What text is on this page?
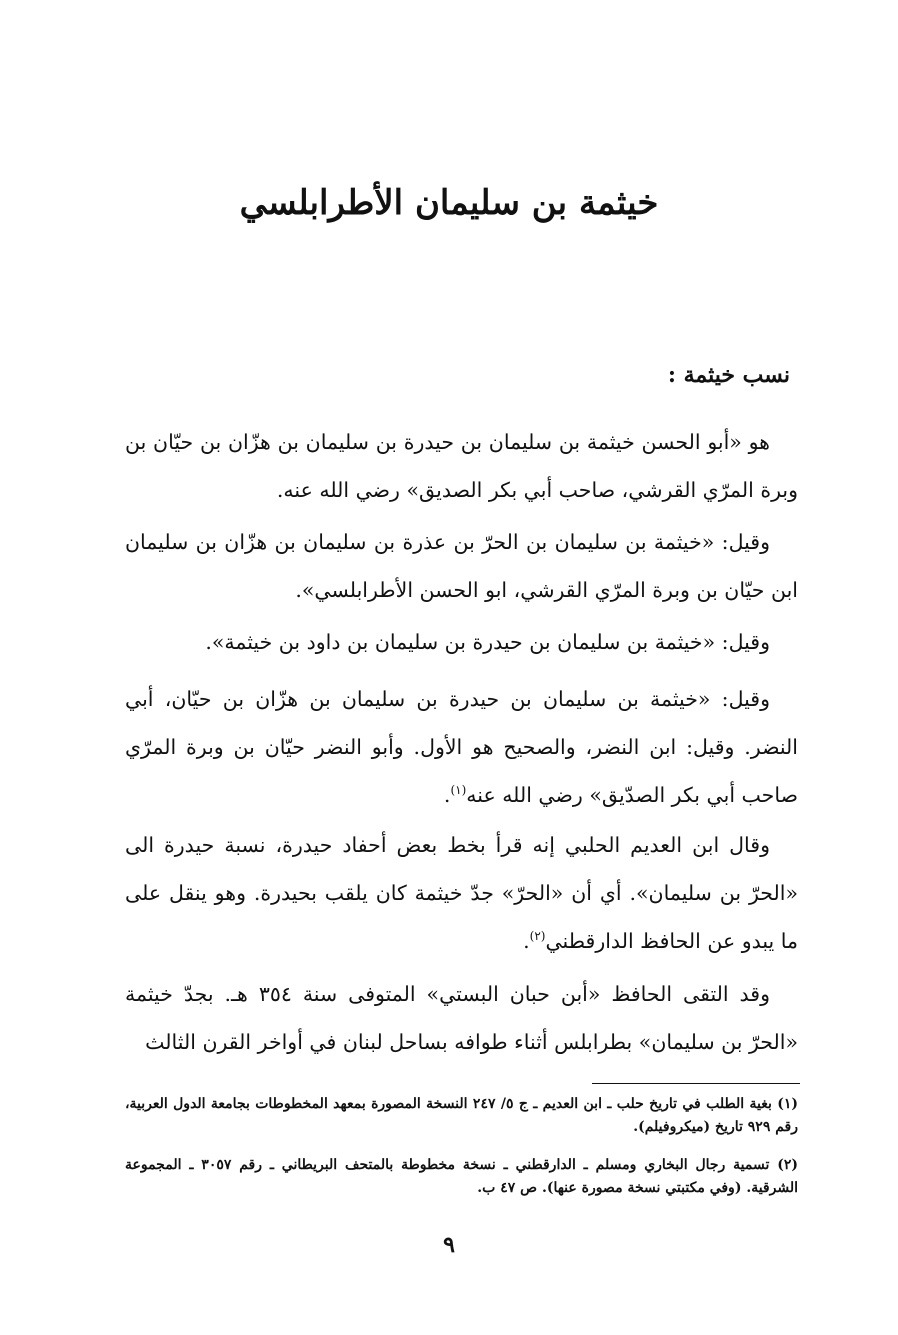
خيثمة بن سليمان الأطرابلسي
نسب خيثمة :

هو «أبو الحسن خيثمة بن سليمان بن حيدرة بن سليمان بن هزّان بن حيّان بن وبرة المرّي القرشي، صاحب أبي بكر الصديق» رضي الله عنه.

وقيل: «خيثمة بن سليمان بن الحرّ بن عذرة بن سليمان بن هزّان بن سليمان ابن حيّان بن وبرة المرّي القرشي، ابو الحسن الأطرابلسي».

وقيل: «خيثمة بن سليمان بن حيدرة بن سليمان بن داود بن خيثمة».

وقيل: «خيثمة بن سليمان بن حيدرة بن سليمان بن هزّان بن حيّان، أبي النضر. وقيل: ابن النضر، والصحيح هو الأول. وأبو النضر حيّان بن وبرة المرّي صاحب أبي بكر الصدّيق» رضي الله عنه$^{(١)}$.

وقال ابن العديم الحلبي إنه قرأ بخط بعض أحفاد حيدرة، نسبة حيدرة الى «الحرّ بن سليمان». أي أن «الحرّ» جدّ خيثمة كان يلقب بحيدرة. وهو ينقل على ما يبدو عن الحافظ الدارقطني$^{(٢)}$.

وقد التقى الحافظ «أبن حبان البستي» المتوفى سنة ٣٥٤ هـ. بجدّ خيثمة «الحرّ بن سليمان» بطرابلس أثناء طوافه بساحل لبنان في أواخر القرن الثالث

(١) بغية الطلب في تاريخ حلب ـ ابن العديم ـ ج ٥/ ٢٤٧ النسخة المصورة بمعهد المخطوطات بجامعة الدول العربية، رقم ٩٢٩ تاريخ (ميكروفيلم).

(٢) تسمية رجال البخاري ومسلم ـ الدارقطني ـ نسخة مخطوطة بالمتحف البريطاني ـ رقم ٣٠٥٧ ـ المجموعة الشرقية. (وفي مكتبتي نسخة مصورة عنها). ص ٤٧ ب.

٩
